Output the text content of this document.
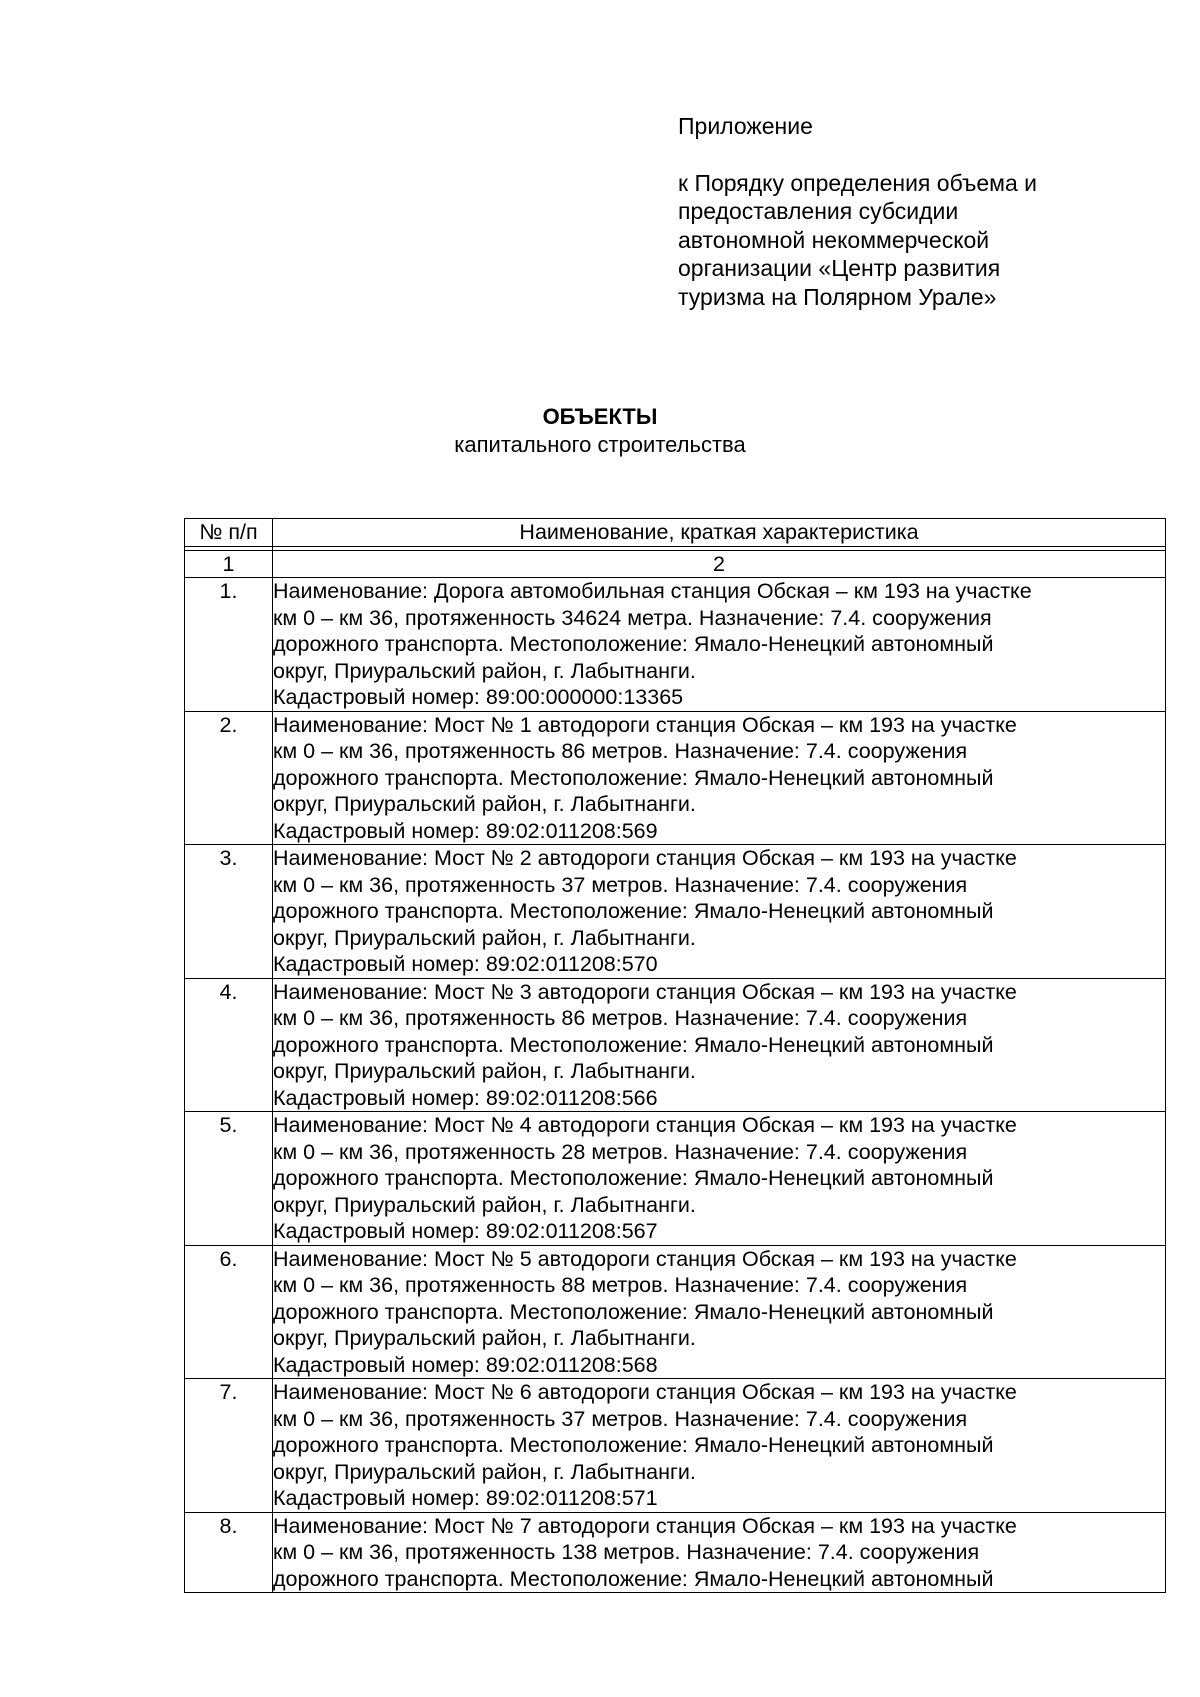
Приложение

к Порядку определения объема и
предоставления субсидии
автономной некоммерческой
организации «Центр развития
туризма на Полярном Урале»

ОБЪЕКТЫ
капитального строительства
№ п/п	Наименование, краткая характеристика

1	2
1.	Наименование: Дорога автомобильная станция Обская – км 193 на участке
км 0 – км 36, протяженность 34624 метра. Назначение: 7.4. сооружения
дорожного транспорта. Местоположение: Ямало-Ненецкий автономный
округ, Приуральский район, г. Лабытнанги.
Кадастровый номер: 89:00:000000:13365

2.	Наименование: Мост № 1 автодороги станция Обская – км 193 на участке
км 0 – км 36, протяженность 86 метров. Назначение: 7.4. сооружения
дорожного транспорта. Местоположение: Ямало-Ненецкий автономный
округ, Приуральский район, г. Лабытнанги.
Кадастровый номер: 89:02:011208:569

3.	Наименование: Мост № 2 автодороги станция Обская – км 193 на участке
км 0 – км 36, протяженность 37 метров. Назначение: 7.4. сооружения
дорожного транспорта. Местоположение: Ямало-Ненецкий автономный
округ, Приуральский район, г. Лабытнанги.
Кадастровый номер: 89:02:011208:570

4.	Наименование: Мост № 3 автодороги станция Обская – км 193 на участке
км 0 – км 36, протяженность 86 метров. Назначение: 7.4. сооружения
дорожного транспорта. Местоположение: Ямало-Ненецкий автономный
округ, Приуральский район, г. Лабытнанги.
Кадастровый номер: 89:02:011208:566

5.	Наименование: Мост № 4 автодороги станция Обская – км 193 на участке
км 0 – км 36, протяженность 28 метров. Назначение: 7.4. сооружения
дорожного транспорта. Местоположение: Ямало-Ненецкий автономный
округ, Приуральский район, г. Лабытнанги.
Кадастровый номер: 89:02:011208:567

6.	Наименование: Мост № 5 автодороги станция Обская – км 193 на участке
км 0 – км 36, протяженность 88 метров. Назначение: 7.4. сооружения
дорожного транспорта. Местоположение: Ямало-Ненецкий автономный
округ, Приуральский район, г. Лабытнанги.
Кадастровый номер: 89:02:011208:568

7.	Наименование: Мост № 6 автодороги станция Обская – км 193 на участке
км 0 – км 36, протяженность 37 метров. Назначение: 7.4. сооружения
дорожного транспорта. Местоположение: Ямало-Ненецкий автономный
округ, Приуральский район, г. Лабытнанги.
Кадастровый номер: 89:02:011208:571

8.	Наименование: Мост № 7 автодороги станция Обская – км 193 на участке
км 0 – км 36, протяженность 138 метров. Назначение: 7.4. сооружения
дорожного транспорта. Местоположение: Ямало-Ненецкий автономный
